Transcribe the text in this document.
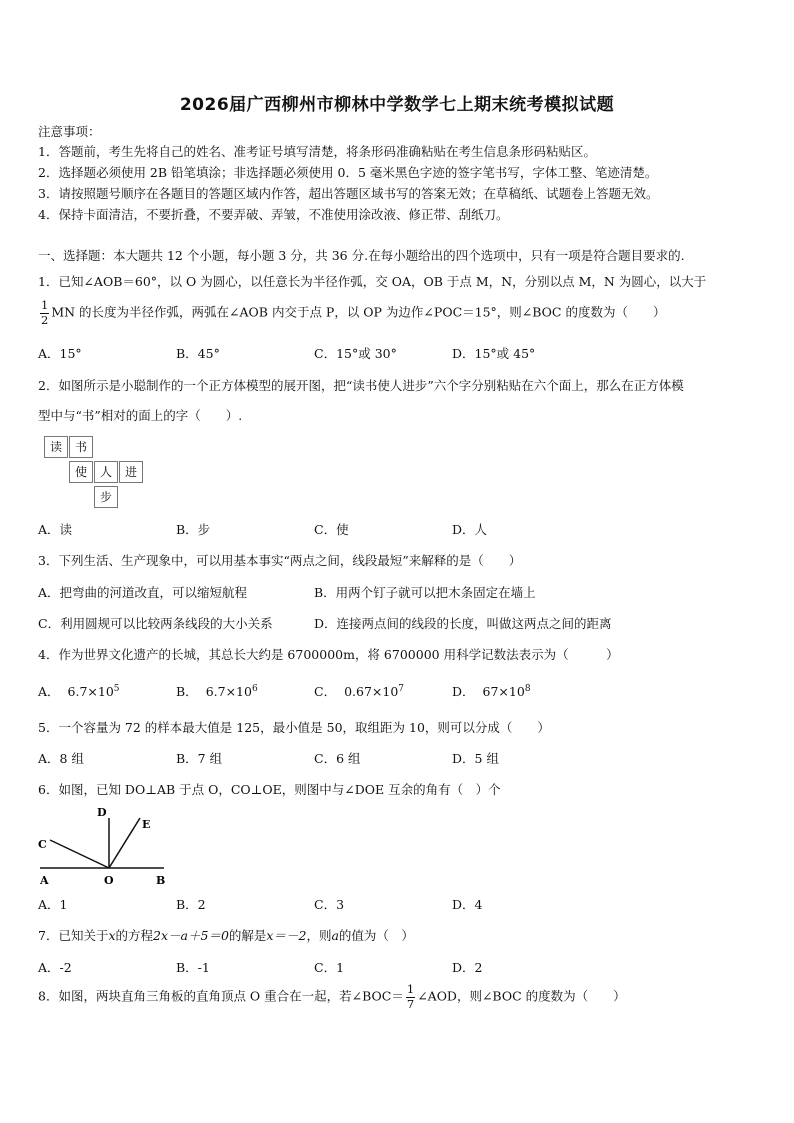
2026届广西柳州市柳林中学数学七上期末统考模拟试题
注意事项：
1．答题前，考生先将自己的姓名、准考证号填写清楚，将条形码准确粘贴在考生信息条形码粘贴区。
2．选择题必须使用 2B 铅笔填涂；非选择题必须使用 0．5 毫米黑色字迹的签字笔书写，字体工整、笔迹清楚。
3．请按照题号顺序在各题目的答题区域内作答，超出答题区域书写的答案无效；在草稿纸、试题卷上答题无效。
4．保持卡面清洁，不要折叠，不要弄破、弄皱，不准使用涂改液、修正带、刮纸刀。
一、选择题：本大题共 12 个小题，每小题 3 分，共 36 分.在每小题给出的四个选项中，只有一项是符合题目要求的.
1．已知∠AOB＝60°，以 O 为圆心，以任意长为半径作弧，交 OA，OB 于点 M，N，分别以点 M，N 为圆心，以大于
$\frac{1}{2}$ MN 的长度为半径作弧，两弧在∠AOB 内交于点 P，以 OP 为边作∠POC＝15°，则∠BOC 的度数为（　　）
A．15°	B．45°	C．15°或 30°	D．15°或 45°
2．如图所示是小聪制作的一个正方体模型的展开图，把“读书使人进步”六个字分别粘贴在六个面上，那么在正方体模
型中与“书”相对的面上的字（　　）.
读	书
使	人	进
步
A．读	B．步	C．使	D．人
3．下列生活、生产现象中，可以用基本事实“两点之间，线段最短”来解释的是（　　）
A．把弯曲的河道改直，可以缩短航程	B．用两个钉子就可以把木条固定在墙上
C．利用圆规可以比较两条线段的大小关系	D．连接两点间的线段的长度，叫做这两点之间的距离
4．作为世界文化遗产的长城，其总长大约是 6700000m，将 6700000 用科学记数法表示为（　　　）
A． $6.7\times 10^5$	B． $6.7\times 10^6$	C． $0.67\times 10^7$	D． $67\times 10^8$
5．一个容量为 72 的样本最大值是 125，最小值是 50，取组距为 10，则可以分成（　　）
A．8 组	B．7 组	C．6 组	D．5 组
6．如图，已知 DO⊥AB 于点 O，CO⊥OE，则图中与∠DOE 互余的角有（　）个
D
E
C
A	O	B
A．1	B．2	C．3	D．4
7．已知关于x的方程2x－a＋5＝0的解是x＝－2，则a的值为（　）
A．-2	B．-1	C．1	D．2
8．如图，两块直角三角板的直角顶点 O 重合在一起，若∠BOC＝ $\frac{1}{7}$ ∠AOD，则∠BOC 的度数为（　　）
